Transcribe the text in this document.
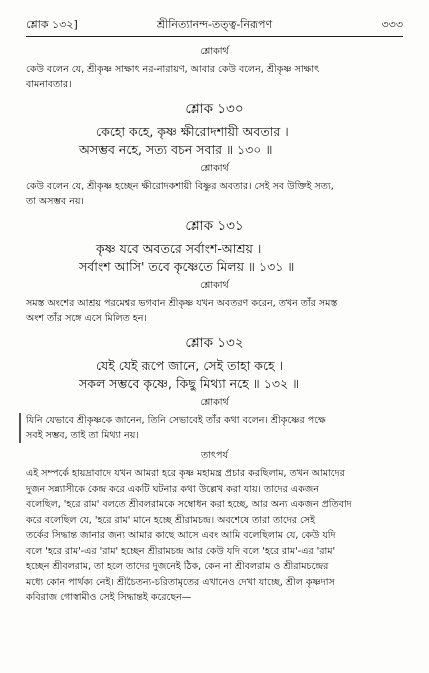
শ্লোক ১৩২]	শ্রীনিত্যানন্দ-তত্ত্ব-নিরূপণ	৩৩৩
শ্লোকার্থ

কেউ বলেন যে, শ্রীকৃষ্ণ সাক্ষাৎ নর-নারায়ণ, আবার কেউ বলেন, শ্রীকৃষ্ণ সাক্ষাৎ

বামনাবতার।

শ্লোক ১৩০

কেহো কহে, কৃষ্ণ ক্ষীরোদশায়ী অবতার ।

অসম্ভব নহে, সত্য বচন সবার ॥ ১৩০ ॥

শ্লোকার্থ

কেউ বলেন যে, শ্রীকৃষ্ণ হচ্ছেন ক্ষীরোদকশায়ী বিষ্ণুর অবতার। সেই সব উক্তিই সত্য,

তা অসম্ভব নয়।

শ্লোক ১৩১

কৃষ্ণ যবে অবতরে সর্বাংশ-আশ্রয় ।

সর্বাংশ আসি' তবে কৃষ্ণেতে মিলয় ॥ ১৩১ ॥

শ্লোকার্থ

সমস্ত অংশের আশ্রয় পরমেশ্বর ভগবান শ্রীকৃষ্ণ যখন অবতরণ করেন, তখন তাঁর সমস্ত

অংশ তাঁর সঙ্গে এসে মিলিত হন।

শ্লোক ১৩২

যেই যেই রূপে জানে, সেই তাহা কহে ।

সকল সম্ভবে কৃষ্ণে, কিছু মিথ্যা নহে ॥ ১৩২ ॥

শ্লোকার্থ

যিনি যেভাবে শ্রীকৃষ্ণকে জানেন, তিনি সেভাবেই তাঁর কথা বলেন। শ্রীকৃষ্ণের পক্ষে

সবই সম্ভব, তাই তা মিথ্যা নয়।

তাৎপর্য

এই সম্পর্কে হায়দ্রাবাদে যখন আমরা হরে কৃষ্ণ মহামন্ত্র প্রচার করছিলাম, তখন আমাদের

দুজন সন্ন্যাসীকে কেন্দ্র করে একটি ঘটনার কথা উল্লেখ করা যায়। তাদের একজন

বলেছিল, 'হরে রাম' বলতে শ্রীবলরামকে সম্বোধন করা হচ্ছে, আর অন্য একজন প্রতিবাদ

করে বলেছিল যে, 'হরে রাম' মানে হচ্ছে শ্রীরামচন্দ্র। অবশেষে তারা তাদের সেই

তর্কের সিদ্ধান্ত জানার জন্য আমার কাছে আসে এবং আমি বলেছিলাম যে, কেউ যদি

বলে 'হরে রাম'-এর 'রাম' হচ্ছেন শ্রীরামচন্দ্র আর কেউ যদি বলে 'হরে রাম'-এর 'রাম'

হচ্ছেন শ্রীবলরাম, তা হলে তাদের দুজনেই ঠিক, কেন না শ্রীবলরাম ও শ্রীরামচন্দ্রের

মধ্যে কোন পার্থক্য নেই। শ্রীচৈতন্য-চরিতামৃতের এখানেও দেখা যাচ্ছে, শ্রীল কৃষ্ণদাস

কবিরাজ গোস্বামীও সেই সিদ্ধান্তই করেছেন—
